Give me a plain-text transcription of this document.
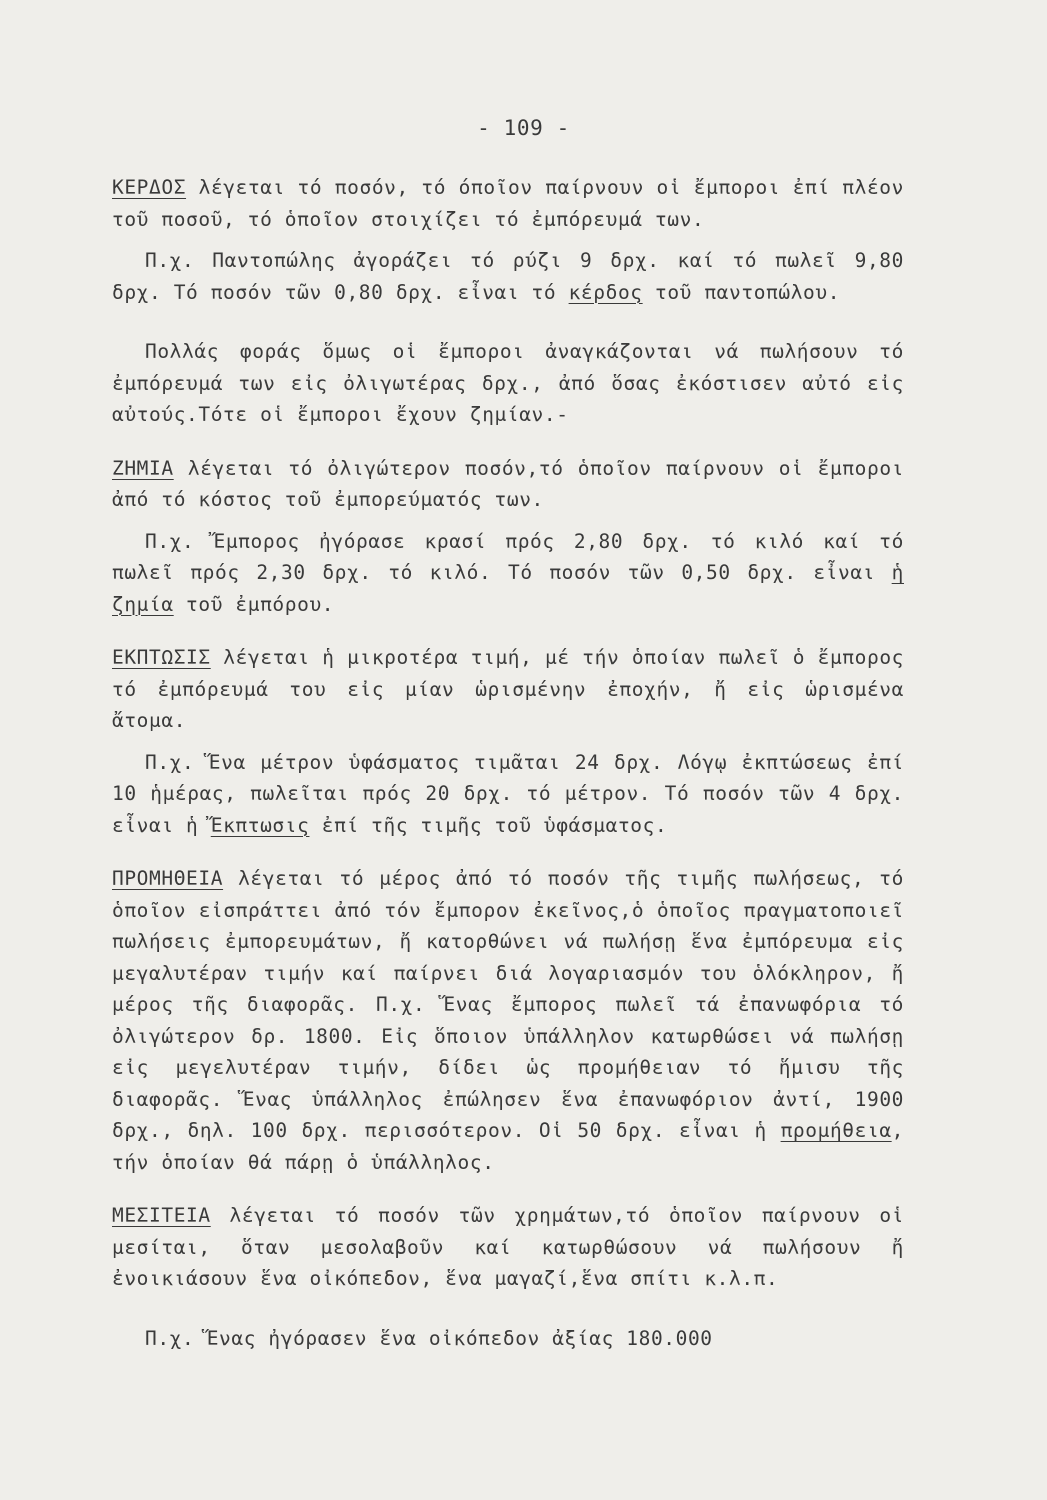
- 109 -

ΚΕΡΔΟΣ λέγεται τό ποσόν, τό όποῖον παίρνουν οἱ ἔμποροι ἐπί πλέον τοῦ ποσοῦ, τό ὁποῖον στοιχίζει τό ἐμπόρευμά των.

Π.χ. Παντοπώλης ἀγοράζει τό ρύζι 9 δρχ. καί τό πωλεῖ 9,80 δρχ. Τό ποσόν τῶν 0,80 δρχ. εἶναι τό κέρδος τοῦ παντοπώλου.

Πολλάς φοράς ὅμως οἱ ἔμποροι ἀναγκάζονται νά πωλήσουν τό ἐμπόρευμά των εἰς ὀλιγωτέρας δρχ., ἀπό ὅσας ἐκόστισεν αὐτό εἰς αὐτούς.Τότε οἱ ἔμποροι ἔχουν ζημίαν.-

ΖΗΜΙΑ λέγεται τό ὀλιγώτερον ποσόν,τό ὁποῖον παίρνουν οἱ ἔμποροι ἀπό τό κόστος τοῦ ἐμπορεύματός των.

Π.χ. Ἔμπορος ἠγόρασε κρασί πρός 2,80 δρχ. τό κιλό καί τό πωλεῖ πρός 2,30 δρχ. τό κιλό. Τό ποσόν τῶν 0,50 δρχ. εἶναι ἡ ζημία τοῦ ἐμπόρου.

ΕΚΠΤΩΣΙΣ λέγεται ἡ μικροτέρα τιμή, μέ τήν ὁποίαν πωλεῖ ὁ ἔμπορος τό ἐμπόρευμά του εἰς μίαν ὡρισμένην ἐποχήν, ἤ εἰς ὡρισμένα ἄτομα.

Π.χ. Ἕνα μέτρον ὑφάσματος τιμᾶται 24 δρχ. Λόγῳ ἐκπτώσεως ἐπί 10 ἡμέρας, πωλεῖται πρός 20 δρχ. τό μέτρον. Τό ποσόν τῶν 4 δρχ. εἶναι ἡ Ἔκπτωσις ἐπί τῆς τιμῆς τοῦ ὑφάσματος.

ΠΡΟΜΗΘΕΙΑ λέγεται τό μέρος ἀπό τό ποσόν τῆς τιμῆς πωλήσεως, τό ὁποῖον εἰσπράττει ἀπό τόν ἔμπορον ἐκεῖνος,ὁ ὁποῖος πραγματοποιεῖ πωλήσεις ἐμπορευμάτων, ἤ κατορθώνει νά πωλήσῃ ἕνα ἐμπόρευμα εἰς μεγαλυτέραν τιμήν καί παίρνει διά λογαριασμόν του ὁλόκληρον, ἤ μέρος τῆς διαφορᾶς. Π.χ. Ἕνας ἔμπορος πωλεῖ τά ἐπανωφόρια τό ὀλιγώτερον δρ. 1800. Εἰς ὅποιον ὑπάλληλον κατωρθώσει νά πωλήσῃ εἰς μεγελυτέραν τιμήν, δίδει ὡς προμήθειαν τό ἥμισυ τῆς διαφορᾶς. Ἕνας ὑπάλληλος ἐπώλησεν ἕνα ἐπανωφόριον ἀντί, 1900 δρχ., δηλ. 100 δρχ. περισσότερον. Οἱ 50 δρχ. εἶναι ἡ προμήθεια, τήν ὁποίαν θά πάρῃ ὁ ὑπάλληλος.

ΜΕΣΙΤΕΙΑ λέγεται τό ποσόν τῶν χρημάτων,τό ὁποῖον παίρνουν οἱ μεσίται, ὅταν μεσολαβοῦν καί κατωρθώσουν νά πωλήσουν ἤ ἐνοικιάσουν ἕνα οἰκόπεδον, ἕνα μαγαζί,ἕνα σπίτι κ.λ.π.

Π.χ. Ἕνας ἠγόρασεν ἕνα οἰκόπεδον ἀξίας 180.000
